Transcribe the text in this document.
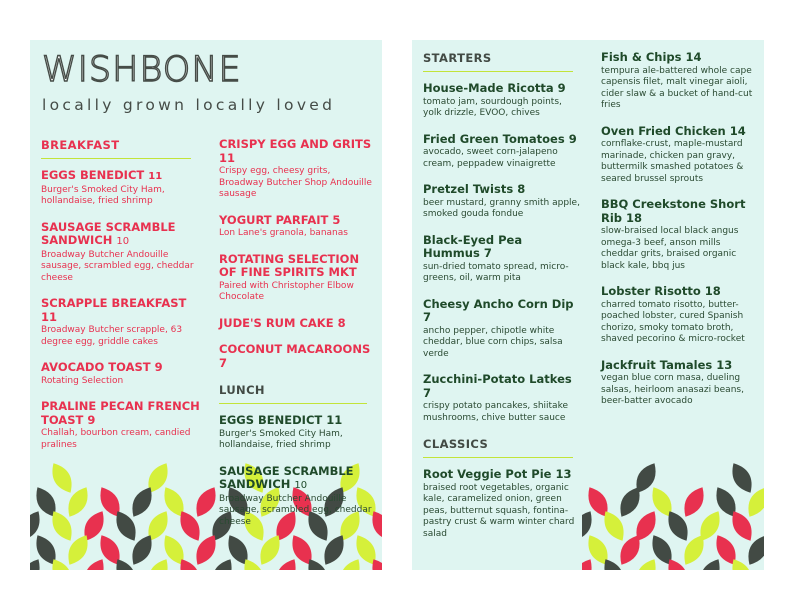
WISHBONE
locally grown locally loved
BREAKFAST
EGGS BENEDICT 11
Burger's Smoked City Ham, hollandaise, fried shrimp
SAUSAGE SCRAMBLE SANDWICH 10
Broadway Butcher Andouille sausage, scrambled egg, cheddar cheese
SCRAPPLE BREAKFAST 11
Broadway Butcher scrapple, 63 degree egg, griddle cakes
AVOCADO TOAST 9
Rotating Selection
PRALINE PECAN FRENCH TOAST 9
Challah, bourbon cream, candied pralines
CRISPY EGG AND GRITS 11
Crispy egg, cheesy grits, Broadway Butcher Shop Andouille sausage
YOGURT PARFAIT 5
Lon Lane's granola, bananas
ROTATING SELECTION OF FINE SPIRITS MKT
Paired with Christopher Elbow Chocolate
JUDE'S RUM CAKE 8
COCONUT MACAROONS 7
LUNCH
EGGS BENEDICT 11
Burger's Smoked City Ham, hollandaise, fried shrimp
SAUSAGE SCRAMBLE SANDWICH 10
Broadway Butcher Andouille sausage, scrambled egg, cheddar cheese
STARTERS
House-Made Ricotta 9
tomato jam, sourdough points, yolk drizzle, EVOO, chives
Fried Green Tomatoes 9
avocado, sweet corn-jalapeno cream, peppadew vinaigrette
Pretzel Twists 8
beer mustard, granny smith apple, smoked gouda fondue
Black-Eyed Pea Hummus 7
sun-dried tomato spread, micro-greens, oil, warm pita
Cheesy Ancho Corn Dip 7
ancho pepper, chipotle white cheddar, blue corn chips, salsa verde
Zucchini-Potato Latkes 7
crispy potato pancakes, shiitake mushrooms, chive butter sauce
CLASSICS
Root Veggie Pot Pie 13
braised root vegetables, organic kale, caramelized onion, green peas, butternut squash, fontina-pastry crust & warm winter chard salad
Fish & Chips 14
tempura ale-battered whole cape capensis filet, malt vinegar aioli, cider slaw & a bucket of hand-cut fries
Oven Fried Chicken 14
cornflake-crust, maple-mustard marinade, chicken pan gravy, buttermilk smashed potatoes & seared brussel sprouts
BBQ Creekstone Short Rib 18
slow-braised local black angus omega-3 beef, anson mills cheddar grits, braised organic black kale, bbq jus
Lobster Risotto 18
charred tomato risotto, butter-poached lobster, cured Spanish chorizo, smoky tomato broth, shaved pecorino & micro-rocket
Jackfruit Tamales 13
vegan blue corn masa, dueling salsas, heirloom anasazi beans, beer-batter avocado
